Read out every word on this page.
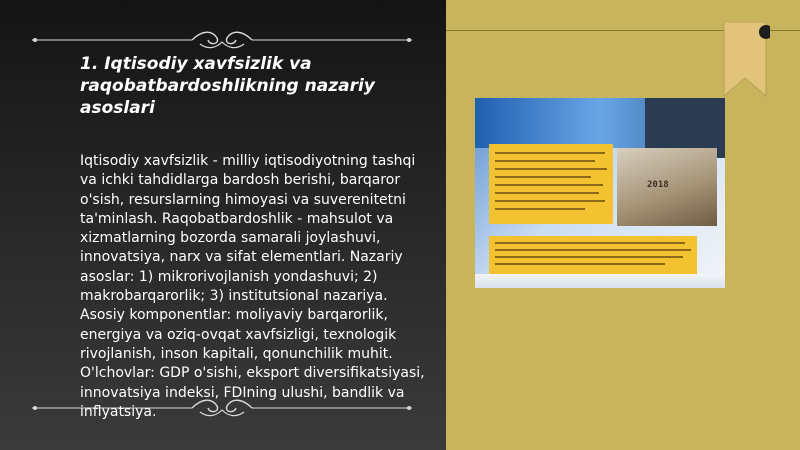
1. Iqtisodiy xavfsizlik va raqobatbardoshlikning nazariy asoslari

Iqtisodiy xavfsizlik - milliy iqtisodiyotning tashqi va ichki tahdidlarga bardosh berishi, barqaror o'sish, resurslarning himoyasi va suverenitetni ta'minlash. Raqobatbardoshlik - mahsulot va xizmatlarning bozorda samarali joylashuvi, innovatsiya, narx va sifat elementlari. Nazariy asoslar: 1) mikrorivojlanish yondashuvi; 2) makrobarqarorlik; 3) institutsional nazariya. Asosiy komponentlar: moliyaviy barqarorlik, energiya va oziq-ovqat xavfsizligi, texnologik rivojlanish, inson kapitali, qonunchilik muhit. O'lchovlar: GDP o'sishi, eksport diversifikatsiyasi, innovatsiya indeksi, FDIning ulushi, bandlik va inflyatsiya.

2018
